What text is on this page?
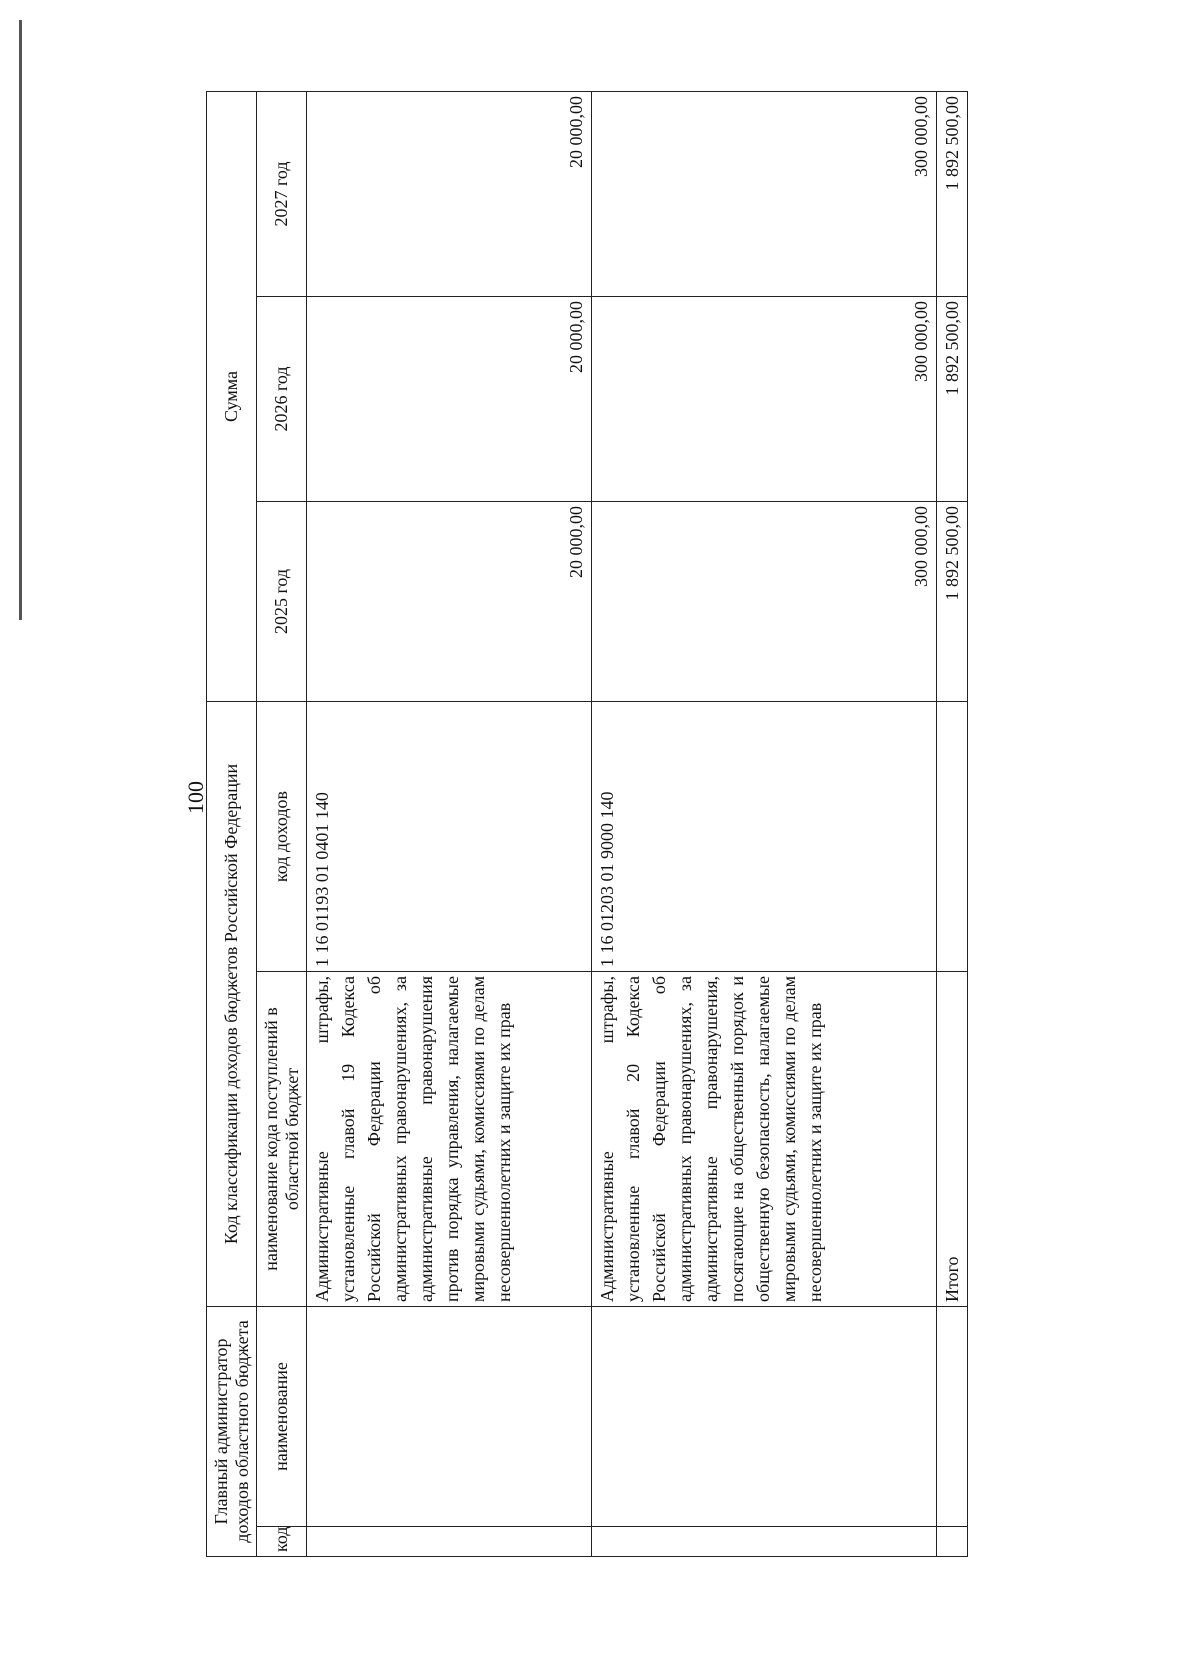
100
Главный администратор доходов областного бюджета		Код классификации доходов бюджетов Российской Федерации		Сумма		
код	наименование	наименование кода поступлений в областной бюджет	код доходов	2025 год	2026 год	2027 год
		Административные штрафы, установленные главой 19 Кодекса Российской Федерации об административных правонарушениях, за административные правонарушения против порядка управления, налагаемые мировыми судьями, комиссиями по делам несовершеннолетних и защите их прав	1 16 01193 01 0401 140	20 000,00	20 000,00	20 000,00
		Административные штрафы, установленные главой 20 Кодекса Российской Федерации об административных правонарушениях, за административные правонарушения, посягающие на общественный порядок и общественную безопасность, налагаемые мировыми судьями, комиссиями по делам несовершеннолетних и защите их прав	1 16 01203 01 9000 140	300 000,00	300 000,00	300 000,00
		Итого		1 892 500,00	1 892 500,00	1 892 500,00
